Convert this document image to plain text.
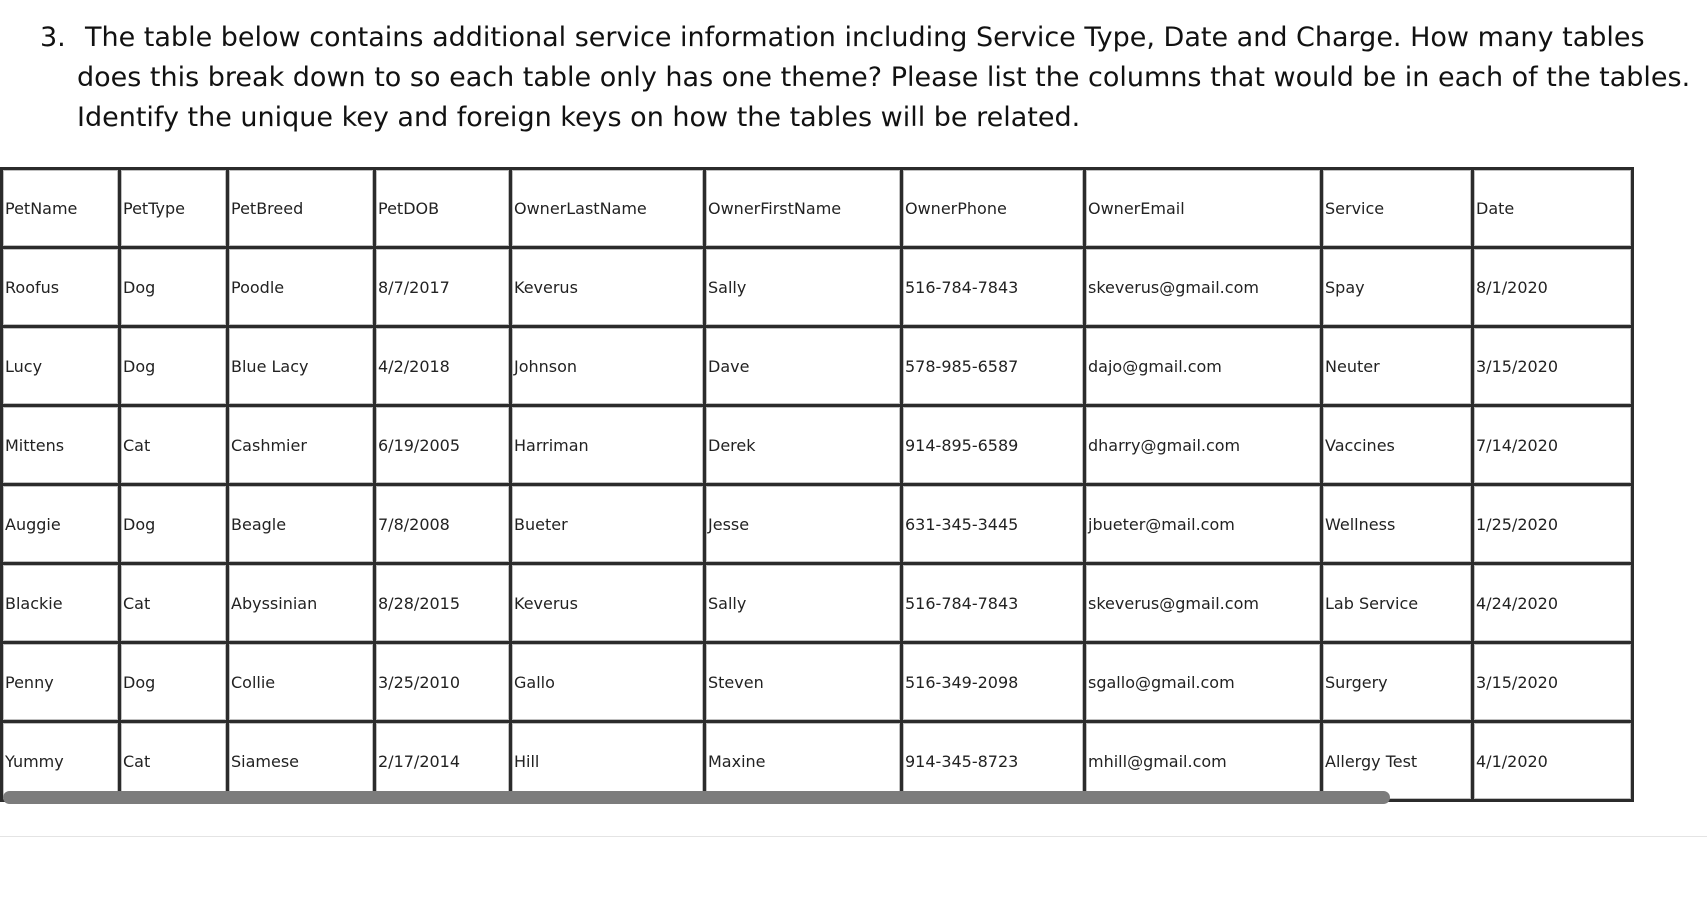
3. The table below contains additional service information including Service Type, Date and Charge. How many tables
does this break down to so each table only has one theme? Please list the columns that would be in each of the tables.
Identify the unique key and foreign keys on how the tables will be related.
PetName	PetType	PetBreed	PetDOB	OwnerLastName	OwnerFirstName	OwnerPhone	OwnerEmail	Service	Date
Roofus	Dog	Poodle	8/7/2017	Keverus	Sally	516-784-7843	skeverus@gmail.com	Spay	8/1/2020
Lucy	Dog	Blue Lacy	4/2/2018	Johnson	Dave	578-985-6587	dajo@gmail.com	Neuter	3/15/2020
Mittens	Cat	Cashmier	6/19/2005	Harriman	Derek	914-895-6589	dharry@gmail.com	Vaccines	7/14/2020
Auggie	Dog	Beagle	7/8/2008	Bueter	Jesse	631-345-3445	jbueter@mail.com	Wellness	1/25/2020
Blackie	Cat	Abyssinian	8/28/2015	Keverus	Sally	516-784-7843	skeverus@gmail.com	Lab Service	4/24/2020
Penny	Dog	Collie	3/25/2010	Gallo	Steven	516-349-2098	sgallo@gmail.com	Surgery	3/15/2020
Yummy	Cat	Siamese	2/17/2014	Hill	Maxine	914-345-8723	mhill@gmail.com	Allergy Test	4/1/2020
